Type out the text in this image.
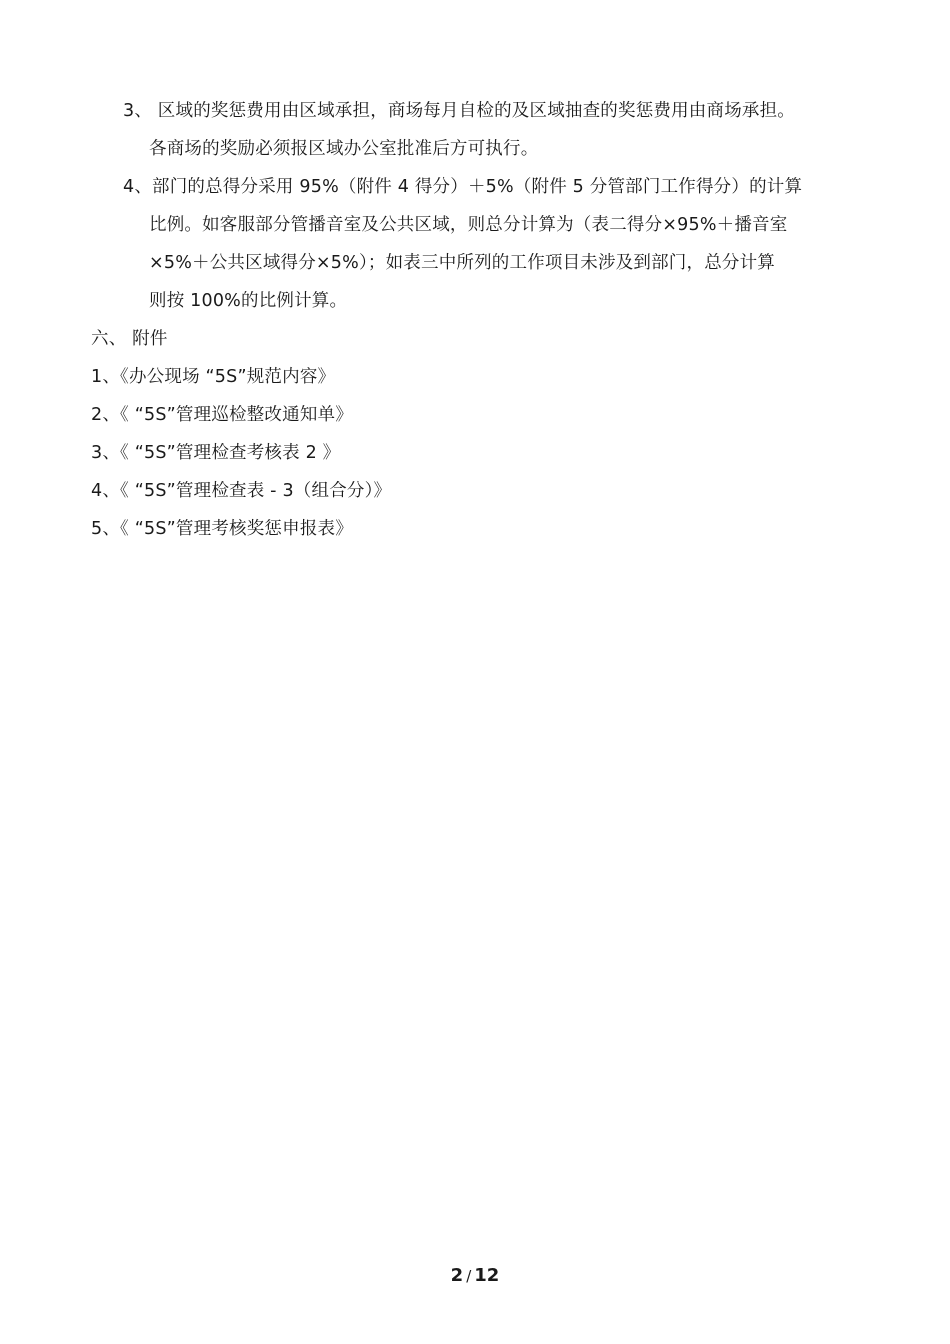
3、 区域的奖惩费用由区域承担，商场每月自检的及区域抽查的奖惩费用由商场承担。
各商场的奖励必须报区域办公室批准后方可执行。
4、部门的总得分采用 95%（附件 4 得分）＋5%（附件 5 分管部门工作得分）的计算
比例。如客服部分管播音室及公共区域，则总分计算为（表二得分×95%＋播音室
×5%＋公共区域得分×5%）；如表三中所列的工作项目未涉及到部门，总分计算
则按 100%的比例计算。
六、 附件
1、《办公现场 “5S”规范内容》
2、《 “5S”管理巡检整改通知单》
3、《 “5S”管理检查考核表 2 》
4、《 “5S”管理检查表 - 3（组合分）》
5、《 “5S”管理考核奖惩申报表》
2 / 12
